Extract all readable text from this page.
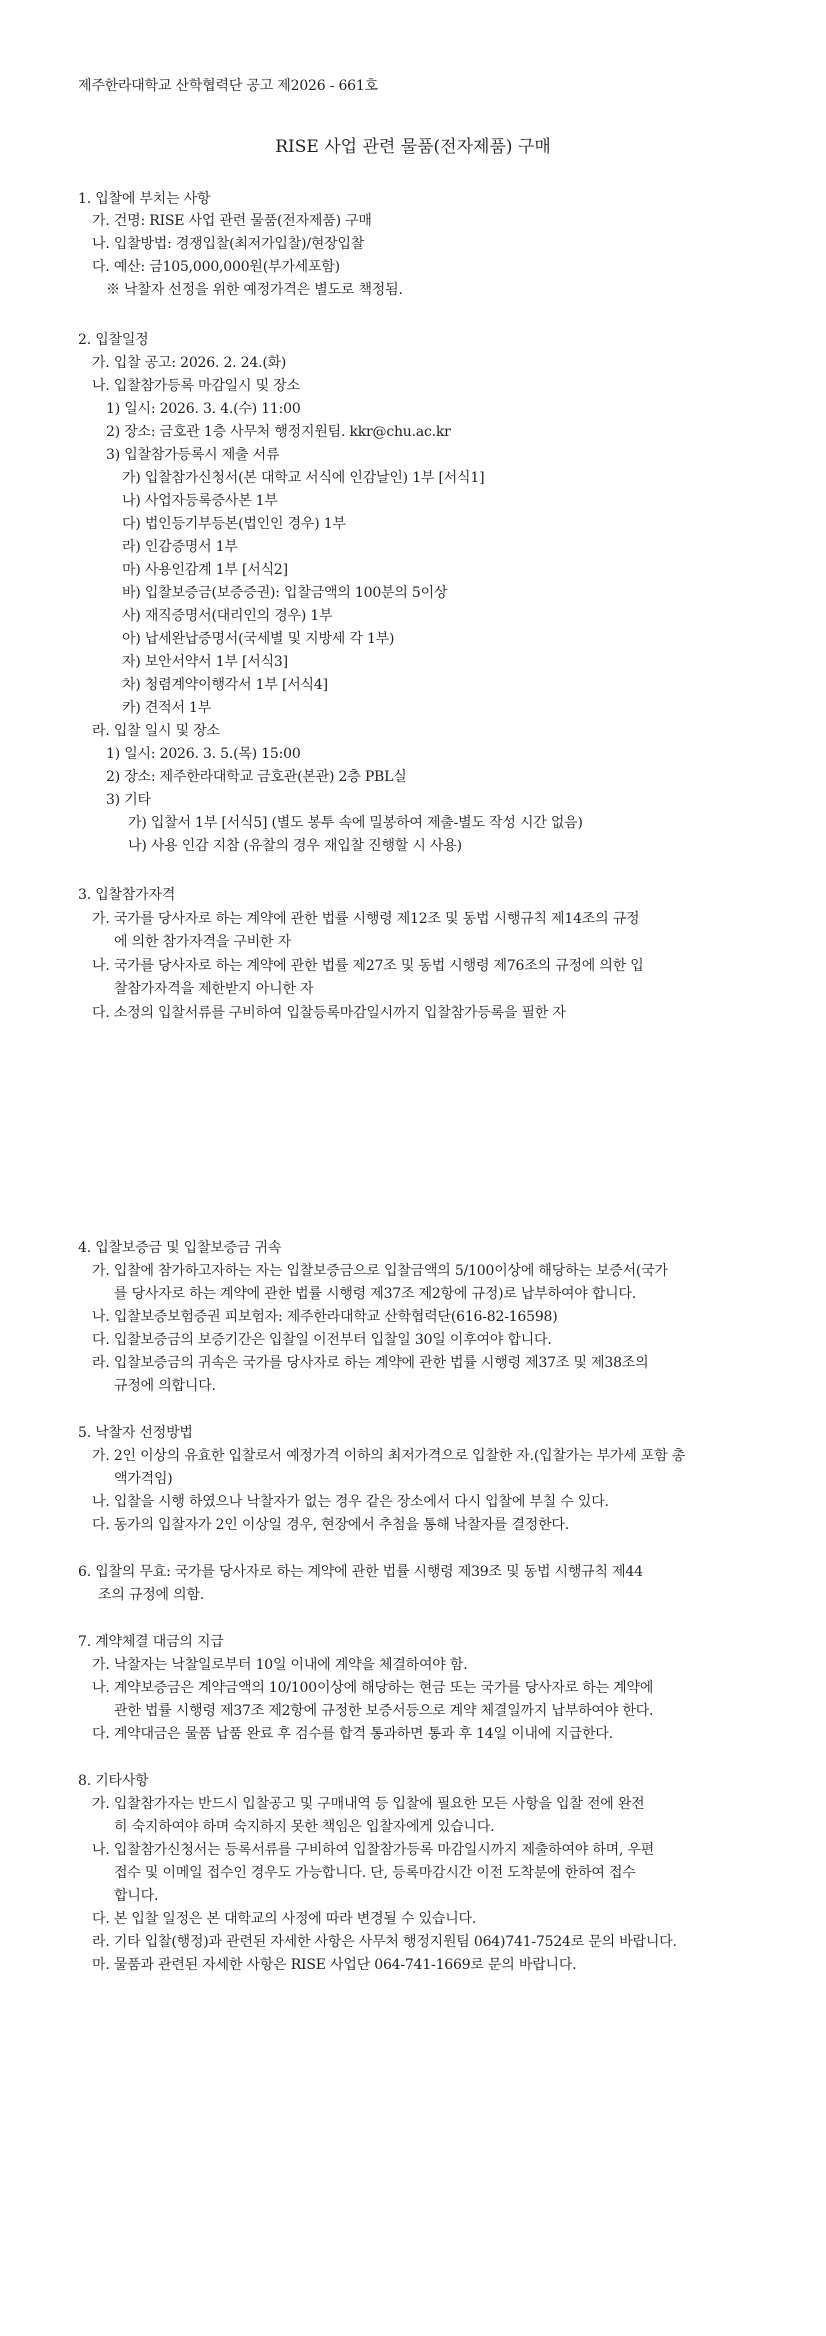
제주한라대학교 산학협력단 공고 제2026 - 661호
RISE 사업 관련 물품(전자제품) 구매
1. 입찰에 부치는 사항
가. 건명: RISE 사업 관련 물품(전자제품) 구매
나. 입찰방법: 경쟁입찰(최저가입찰)/현장입찰
다. 예산: 금105,000,000원(부가세포함)
※ 낙찰자 선정을 위한 예정가격은 별도로 책정됨.
2. 입찰일정
가. 입찰 공고: 2026. 2. 24.(화)
나. 입찰참가등록 마감일시 및 장소
1) 일시: 2026. 3. 4.(수) 11:00
2) 장소: 금호관 1층 사무처 행정지원팀. kkr@chu.ac.kr
3) 입찰참가등록시 제출 서류
가) 입찰참가신청서(본 대학교 서식에 인감날인) 1부 [서식1]
나) 사업자등록증사본 1부
다) 법인등기부등본(법인인 경우) 1부
라) 인감증명서 1부
마) 사용인감계 1부 [서식2]
바) 입찰보증금(보증증권): 입찰금액의 100분의 5이상
사) 재직증명서(대리인의 경우) 1부
아) 납세완납증명서(국세별 및 지방세 각 1부)
자) 보안서약서 1부 [서식3]
차) 청렴계약이행각서 1부 [서식4]
카) 견적서 1부
라. 입찰 일시 및 장소
1) 일시: 2026. 3. 5.(목) 15:00
2) 장소: 제주한라대학교 금호관(본관) 2층 PBL실
3) 기타
가) 입찰서 1부 [서식5] (별도 봉투 속에 밀봉하여 제출-별도 작성 시간 없음)
나) 사용 인감 지참 (유찰의 경우 재입찰 진행할 시 사용)
3. 입찰참가자격
가. 국가를 당사자로 하는 계약에 관한 법률 시행령 제12조 및 동법 시행규칙 제14조의 규정
에 의한 참가자격을 구비한 자
나. 국가를 당사자로 하는 계약에 관한 법률 제27조 및 동법 시행령 제76조의 규정에 의한 입
찰참가자격을 제한받지 아니한 자
다. 소정의 입찰서류를 구비하여 입찰등록마감일시까지 입찰참가등록을 필한 자
4. 입찰보증금 및 입찰보증금 귀속
가. 입찰에 참가하고자하는 자는 입찰보증금으로 입찰금액의 5/100이상에 해당하는 보증서(국가
를 당사자로 하는 계약에 관한 법률 시행령 제37조 제2항에 규정)로 납부하여야 합니다.
나. 입찰보증보험증권 피보험자: 제주한라대학교 산학협력단(616-82-16598)
다. 입찰보증금의 보증기간은 입찰일 이전부터 입찰일 30일 이후여야 합니다.
라. 입찰보증금의 귀속은 국가를 당사자로 하는 계약에 관한 법률 시행령 제37조 및 제38조의
규정에 의합니다.
5. 낙찰자 선정방법
가. 2인 이상의 유효한 입찰로서 예정가격 이하의 최저가격으로 입찰한 자.(입찰가는 부가세 포함 총
액가격임)
나. 입찰을 시행 하였으나 낙찰자가 없는 경우 같은 장소에서 다시 입찰에 부칠 수 있다.
다. 동가의 입찰자가 2인 이상일 경우, 현장에서 추첨을 통해 낙찰자를 결정한다.
6. 입찰의 무효: 국가를 당사자로 하는 계약에 관한 법률 시행령 제39조 및 동법 시행규칙 제44
조의 규정에 의함.
7. 계약체결 대금의 지급
가. 낙찰자는 낙찰일로부터 10일 이내에 계약을 체결하여야 함.
나. 계약보증금은 계약금액의 10/100이상에 해당하는 현금 또는 국가를 당사자로 하는 계약에
관한 법률 시행령 제37조 제2항에 규정한 보증서등으로 계약 체결일까지 납부하여야 한다.
다. 계약대금은 물품 납품 완료 후 검수를 합격 통과하면 통과 후 14일 이내에 지급한다.
8. 기타사항
가. 입찰참가자는 반드시 입찰공고 및 구매내역 등 입찰에 필요한 모든 사항을 입찰 전에 완전
히 숙지하여야 하며 숙지하지 못한 책임은 입찰자에게 있습니다.
나. 입찰참가신청서는 등록서류를 구비하여 입찰참가등록 마감일시까지 제출하여야 하며, 우편
접수 및 이메일 접수인 경우도 가능합니다. 단, 등록마감시간 이전 도착분에 한하여 접수
합니다.
다. 본 입찰 일정은 본 대학교의 사정에 따라 변경될 수 있습니다.
라. 기타 입찰(행정)과 관련된 자세한 사항은 사무처 행정지원팀 064)741-7524로 문의 바랍니다.
마. 물품과 관련된 자세한 사항은 RISE 사업단 064-741-1669로 문의 바랍니다.
